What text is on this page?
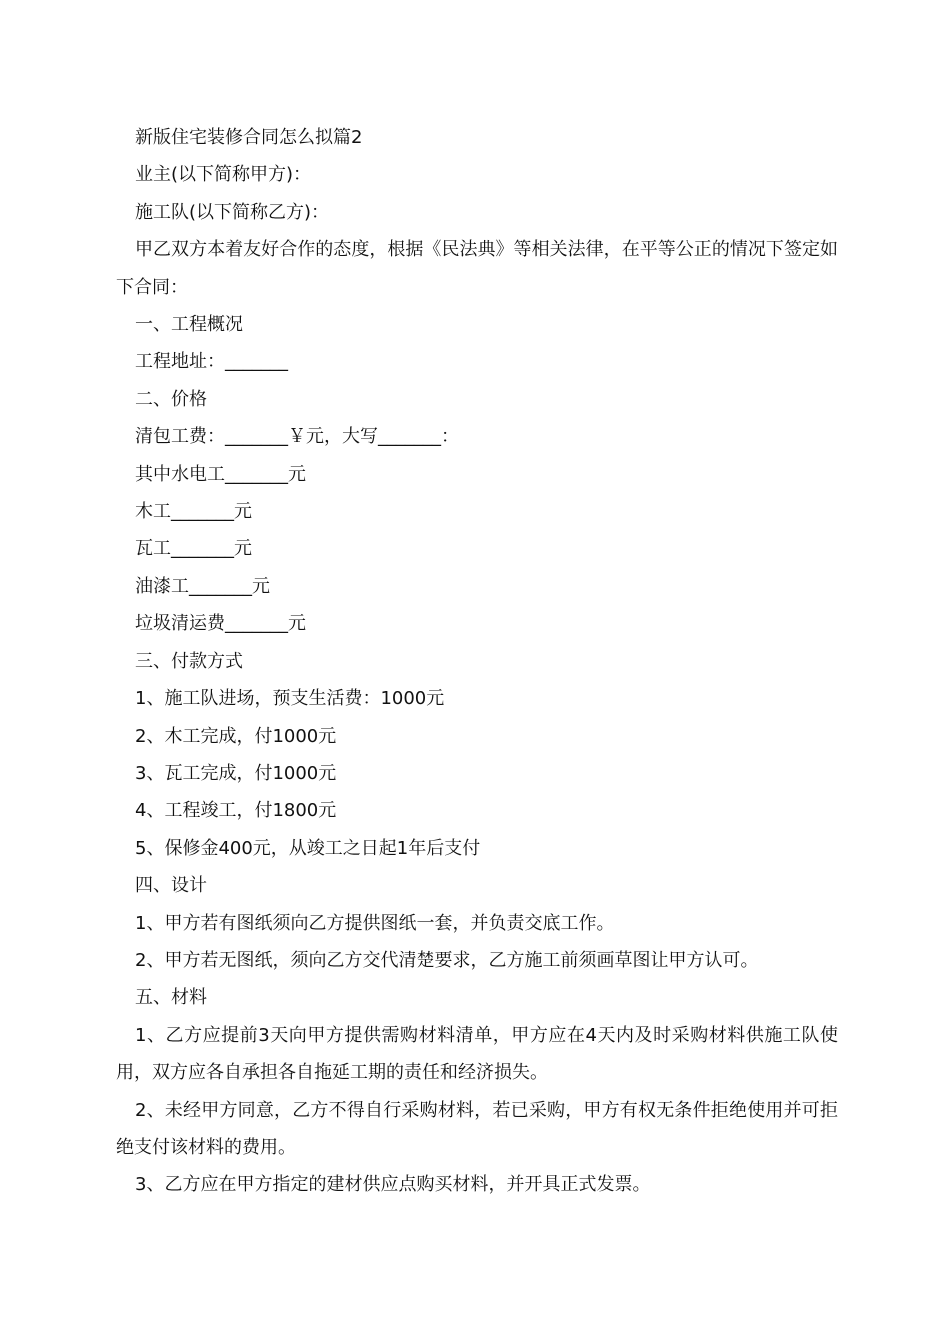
新版住宅装修合同怎么拟篇2

业主(以下简称甲方)：

施工队(以下简称乙方)：

甲乙双方本着友好合作的态度，根据《民法典》等相关法律，在平等公正的情况下签定如下合同：

一、工程概况

工程地址：_______

二、价格

清包工费：_______￥元，大写_______：

其中水电工_______元

木工_______元

瓦工_______元

油漆工_______元

垃圾清运费_______元

三、付款方式

1、施工队进场，预支生活费：1000元

2、木工完成，付1000元

3、瓦工完成，付1000元

4、工程竣工，付1800元

5、保修金400元，从竣工之日起1年后支付

四、设计

1、甲方若有图纸须向乙方提供图纸一套，并负责交底工作。

2、甲方若无图纸，须向乙方交代清楚要求，乙方施工前须画草图让甲方认可。

五、材料

1、乙方应提前3天向甲方提供需购材料清单，甲方应在4天内及时采购材料供施工队使用，双方应各自承担各自拖延工期的责任和经济损失。

2、未经甲方同意，乙方不得自行采购材料，若已采购，甲方有权无条件拒绝使用并可拒绝支付该材料的费用。

3、乙方应在甲方指定的建材供应点购买材料，并开具正式发票。
